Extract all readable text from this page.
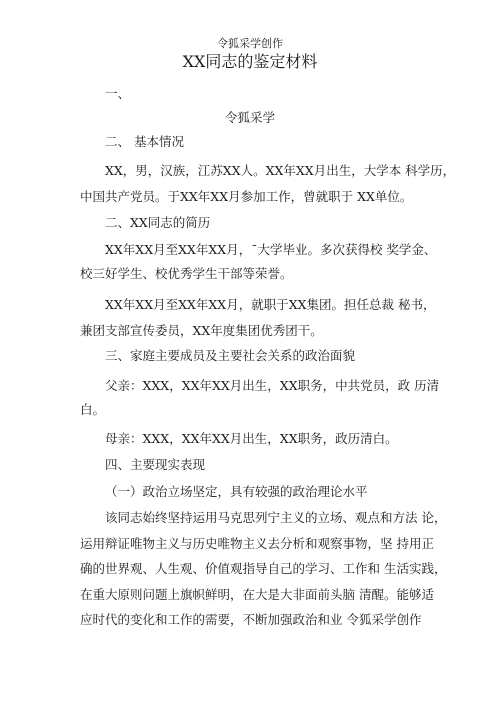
令狐采学创作
XX同志的鉴定材料
一、
令狐采学
二、 基本情况
XX，男，汉族，江苏XX人。XX年XX月出生，大学本 科学历，
中国共产党员。于XX年XX月参加工作，曾就职于 XX单位。
二、XX同志的简历
XX年XX月至XX年XX月，ˉ大学毕业。多次获得校 奖学金、
校三好学生、校优秀学生干部等荣誉。
XX年XX月至XX年XX月，就职于XX集团。担任总裁 秘书，
兼团支部宣传委员，XX年度集团优秀团干。
三、家庭主要成员及主要社会关系的政治面貌
父亲：XXX，XX年XX月出生，XX职务，中共党员，政 历清
白。
母亲：XXX，XX年XX月出生，XX职务，政历清白。
四、主要现实表现
（一）政治立场坚定，具有较强的政治理论水平
该同志始终坚持运用马克思列宁主义的立场、观点和方法 论，
运用辩证唯物主义与历史唯物主义去分析和观察事物，坚 持用正
确的世界观、人生观、价值观指导自己的学习、工作和 生活实践，
在重大原则问题上旗帜鲜明，在大是大非面前头脑 清醒。能够适
应时代的变化和工作的需要，不断加强政治和业 令狐采学创作
